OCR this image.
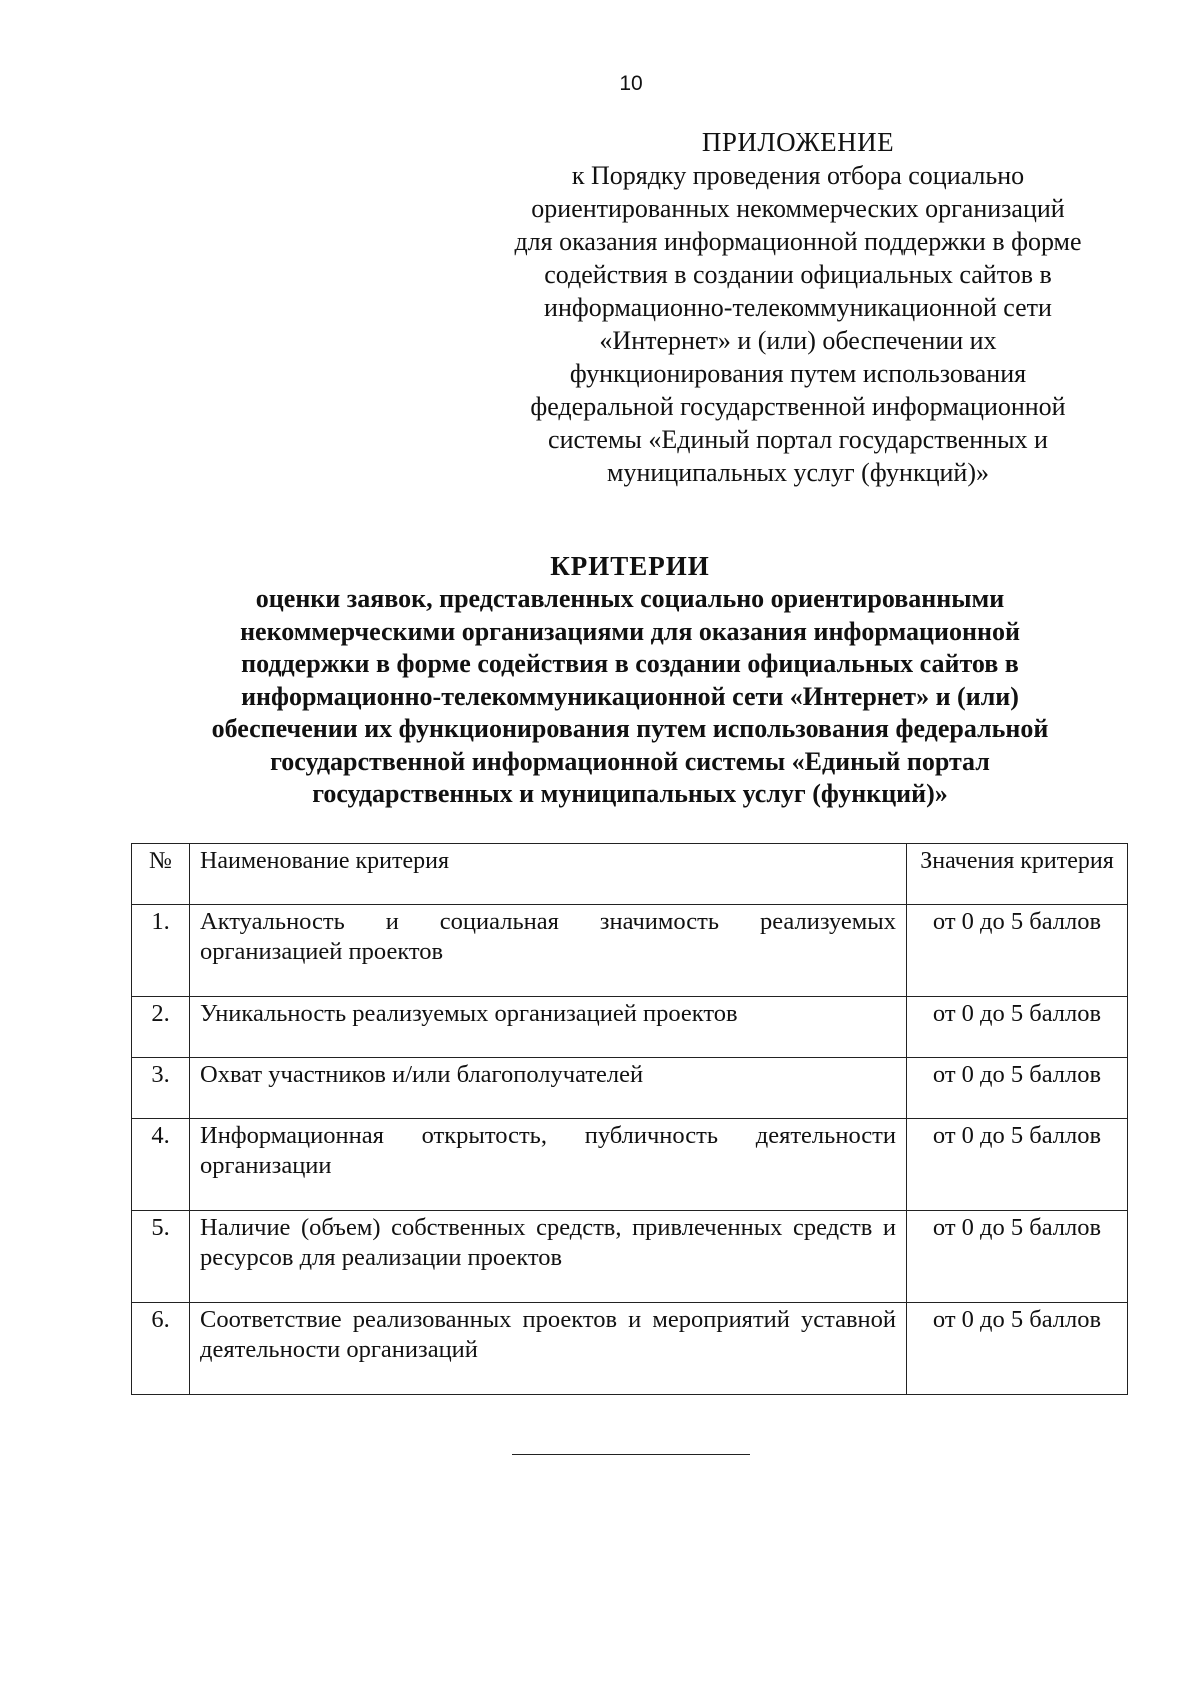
10
ПРИЛОЖЕНИЕ
к Порядку проведения отбора социально
ориентированных некоммерческих организаций
для оказания информационной поддержки в форме
содействия в создании официальных сайтов в
информационно-телекоммуникационной сети
«Интернет» и (или) обеспечении их
функционирования путем использования
федеральной государственной информационной
системы «Единый портал государственных и
муниципальных услуг (функций)»
КРИТЕРИИ
оценки заявок, представленных социально ориентированными
некоммерческими организациями для оказания информационной
поддержки в форме содействия в создании официальных сайтов в
информационно-телекоммуникационной сети «Интернет» и (или)
обеспечении их функционирования путем использования федеральной
государственной информационной системы «Единый портал
государственных и муниципальных услуг (функций)»
№	Наименование критерия	Значения критерия
1.	Актуальность и социальная значимость реализуемых организацией проектов	от 0 до 5 баллов
2.	Уникальность реализуемых организацией проектов	от 0 до 5 баллов
3.	Охват участников и/или благополучателей	от 0 до 5 баллов
4.	Информационная открытость, публичность деятельности организации	от 0 до 5 баллов
5.	Наличие (объем) собственных средств, привлеченных средств и ресурсов для реализации проектов	от 0 до 5 баллов
6.	Соответствие реализованных проектов и мероприятий уставной деятельности организаций	от 0 до 5 баллов
